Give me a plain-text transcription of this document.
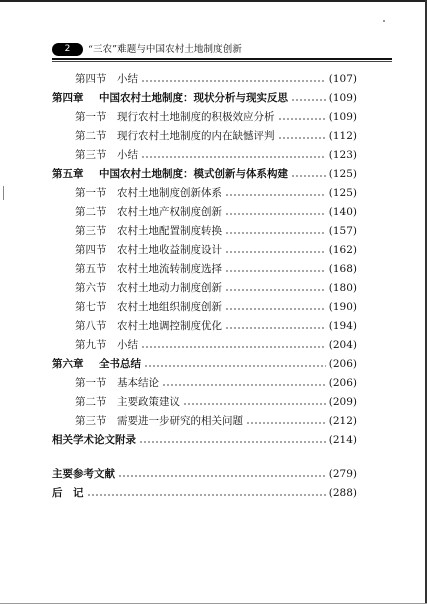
2	“三农”难题与中国农村土地制度创新
第四节	小结	(107)
第四章	中国农村土地制度：现状分析与现实反思	(109)
第一节	现行农村土地制度的积极效应分析	(109)
第二节	现行农村土地制度的内在缺憾评判	(112)
第三节	小结	(123)
第五章	中国农村土地制度：模式创新与体系构建	(125)
第一节	农村土地制度创新体系	(125)
第二节	农村土地产权制度创新	(140)
第三节	农村土地配置制度转换	(157)
第四节	农村土地收益制度设计	(162)
第五节	农村土地流转制度选择	(168)
第六节	农村土地动力制度创新	(180)
第七节	农村土地组织制度创新	(190)
第八节	农村土地调控制度优化	(194)
第九节	小结	(204)
第六章	全书总结	(206)
第一节	基本结论	(206)
第二节	主要政策建议	(209)
第三节	需要进一步研究的相关问题	(212)
相关学术论文附录	(214)
主要参考文献	(279)
后　记	(288)
